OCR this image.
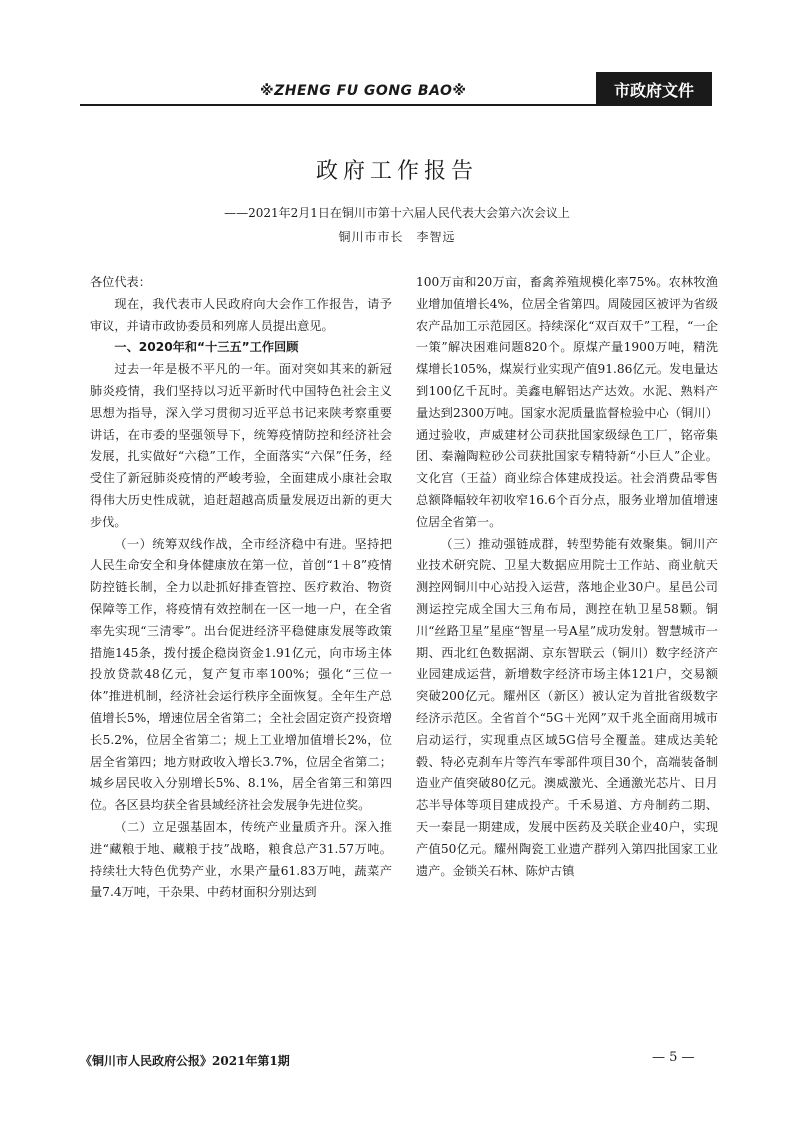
※ZHENG FU GONG BAO※	市政府文件
政府工作报告
——2021年2月1日在铜川市第十六届人民代表大会第六次会议上
铜川市市长　李智远

各位代表：

现在，我代表市人民政府向大会作工作报告，请予审议，并请市政协委员和列席人员提出意见。

一、2020年和“十三五”工作回顾

过去一年是极不平凡的一年。面对突如其来的新冠肺炎疫情，我们坚持以习近平新时代中国特色社会主义思想为指导，深入学习贯彻习近平总书记来陕考察重要讲话，在市委的坚强领导下，统筹疫情防控和经济社会发展，扎实做好“六稳”工作，全面落实“六保”任务，经受住了新冠肺炎疫情的严峻考验，全面建成小康社会取得伟大历史性成就，追赶超越高质量发展迈出新的更大步伐。

（一）统筹双线作战，全市经济稳中有进。坚持把人民生命安全和身体健康放在第一位，首创“1＋8”疫情防控链长制，全力以赴抓好排查管控、医疗救治、物资保障等工作，将疫情有效控制在一区一地一户，在全省率先实现“三清零”。出台促进经济平稳健康发展等政策措施145条，拨付援企稳岗资金1.91亿元，向市场主体投放贷款48亿元，复产复市率100%；强化“三位一体”推进机制，经济社会运行秩序全面恢复。全年生产总值增长5%，增速位居全省第二；全社会固定资产投资增长5.2%，位居全省第二；规上工业增加值增长2%，位居全省第四；地方财政收入增长3.7%，位居全省第二；城乡居民收入分别增长5%、8.1%，居全省第三和第四位。各区县均获全省县域经济社会发展争先进位奖。

（二）立足强基固本，传统产业量质齐升。深入推进“藏粮于地、藏粮于技”战略，粮食总产31.57万吨。持续壮大特色优势产业，水果产量61.83万吨，蔬菜产量7.4万吨，干杂果、中药材面积分别达到

100万亩和20万亩，畜禽养殖规模化率75%。农林牧渔业增加值增长4%，位居全省第四。周陵园区被评为省级农产品加工示范园区。持续深化“双百双千”工程，“一企一策”解决困难问题820个。原煤产量1900万吨，精洗煤增长105%，煤炭行业实现产值91.86亿元。发电量达到100亿千瓦时。美鑫电解铝达产达效。水泥、熟料产量达到2300万吨。国家水泥质量监督检验中心（铜川）通过验收，声威建材公司获批国家级绿色工厂，铭帝集团、秦瀚陶粒砂公司获批国家专精特新“小巨人”企业。文化宫（王益）商业综合体建成投运。社会消费品零售总额降幅较年初收窄16.6个百分点，服务业增加值增速位居全省第一。

（三）推动强链成群，转型势能有效聚集。铜川产业技术研究院、卫星大数据应用院士工作站、商业航天测控网铜川中心站投入运营，落地企业30户。星邑公司测运控完成全国大三角布局，测控在轨卫星58颗。铜川“丝路卫星”星座“智星一号A星”成功发射。智慧城市一期、西北红色数据湖、京东智联云（铜川）数字经济产业园建成运营，新增数字经济市场主体121户，交易额突破200亿元。耀州区（新区）被认定为首批省级数字经济示范区。全省首个“5G＋光网”双千兆全面商用城市启动运行，实现重点区域5G信号全覆盖。建成达美轮毂、特必克刹车片等汽车零部件项目30个，高端装备制造业产值突破80亿元。澳威激光、全通激光芯片、日月芯半导体等项目建成投产。千禾易道、方舟制药二期、天一秦昆一期建成，发展中医药及关联企业40户，实现产值50亿元。耀州陶瓷工业遗产群列入第四批国家工业遗产。金锁关石林、陈炉古镇

《铜川市人民政府公报》2021年第1期	— 5 —
